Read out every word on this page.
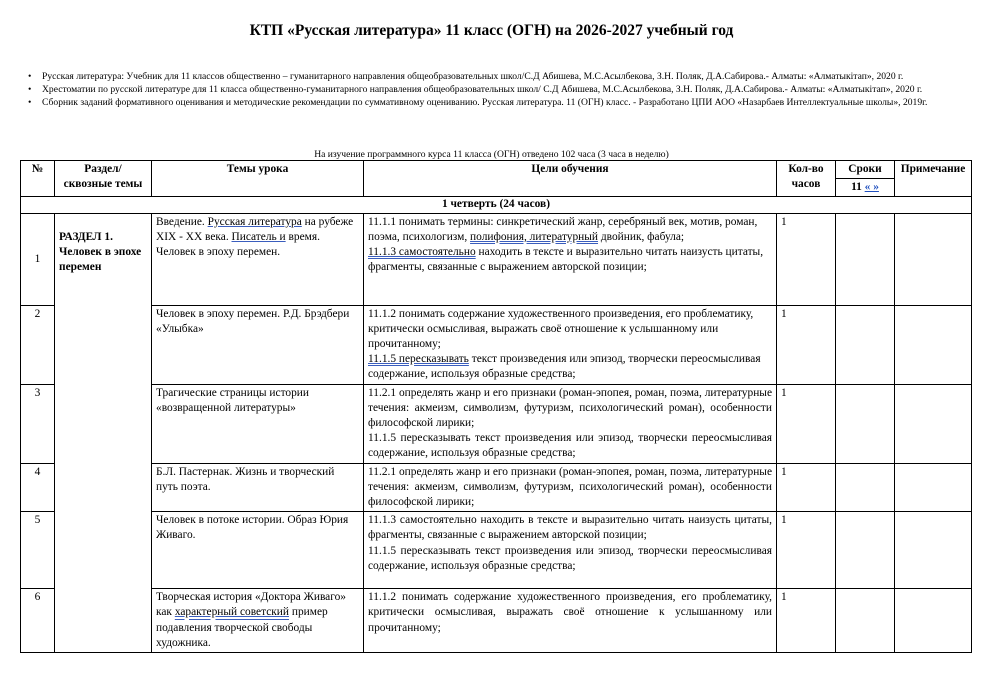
КТП «Русская литература» 11 класс (ОГН) на 2026-2027 учебный год
• Русская литература: Учебник для 11 классов общественно – гуманитарного направления общеобразовательных школ/С.Д Абишева, М.С.Асылбекова, З.Н. Поляк, Д.А.Сабирова.- Алматы: «Алматыкітап», 2020 г.
• Хрестоматии по русской литературе для 11 класса общественно-гуманитарного направления общеобразовательных школ/ С.Д Абишева, М.С.Асылбекова, З.Н. Поляк, Д.А.Сабирова.- Алматы: «Алматыкітап», 2020 г.
• Сборник заданий формативного оценивания и методические рекомендации по суммативному оцениванию. Русская литература. 11 (ОГН) класс. - Разработано ЦПИ АОО «Назарбаев Интеллектуальные школы», 2019г.
На изучение программного курса 11 класса (ОГН) отведено 102 часа (3 часа в неделю)
№	Раздел/ сквозные темы	Темы урока	Цели обучения	Кол-во часов	Сроки	Примечание
					11 « »	
1 четверть (24 часов)						
1	РАЗДЕЛ 1. Человек в эпохе перемен	Введение. Русская литература на рубеже XIX - XX века. Писатель и время. Человек в эпоху перемен.	11.1.1 понимать термины: синкретический жанр, серебряный век, мотив, роман, поэма, психологизм, полифония, литературный двойник, фабула;
11.1.3 самостоятельно находить в тексте и выразительно читать наизусть цитаты, фрагменты, связанные с выражением авторской позиции;	1		
2		Человек в эпоху перемен. Р.Д. Брэдбери «Улыбка»	11.1.2 понимать содержание художественного произведения, его проблематику, критически осмысливая, выражать своё отношение к услышанному или прочитанному;
11.1.5 пересказывать текст произведения или эпизод, творчески переосмысливая содержание, используя образные средства;	1		
3		Трагические страницы истории «возвращенной литературы»	11.2.1 определять жанр и его признаки (роман-эпопея, роман, поэма, литературные течения: акмеизм, символизм, футуризм, психологический роман), особенности философской лирики;
11.1.5 пересказывать текст произведения или эпизод, творчески переосмысливая содержание, используя образные средства;	1		
4		Б.Л. Пастернак. Жизнь и творческий путь поэта.	11.2.1 определять жанр и его признаки (роман-эпопея, роман, поэма, литературные течения: акмеизм, символизм, футуризм, психологический роман), особенности философской лирики;	1		
5		Человек в потоке истории. Образ Юрия Живаго.	11.1.3 самостоятельно находить в тексте и выразительно читать наизусть цитаты, фрагменты, связанные с выражением авторской позиции;
11.1.5 пересказывать текст произведения или эпизод, творчески переосмысливая содержание, используя образные средства;	1		
6		Творческая история «Доктора Живаго» как характерный советский пример подавления творческой свободы художника.	11.1.2 понимать содержание художественного произведения, его проблематику, критически осмысливая, выражать своё отношение к услышанному или прочитанному;	1		
